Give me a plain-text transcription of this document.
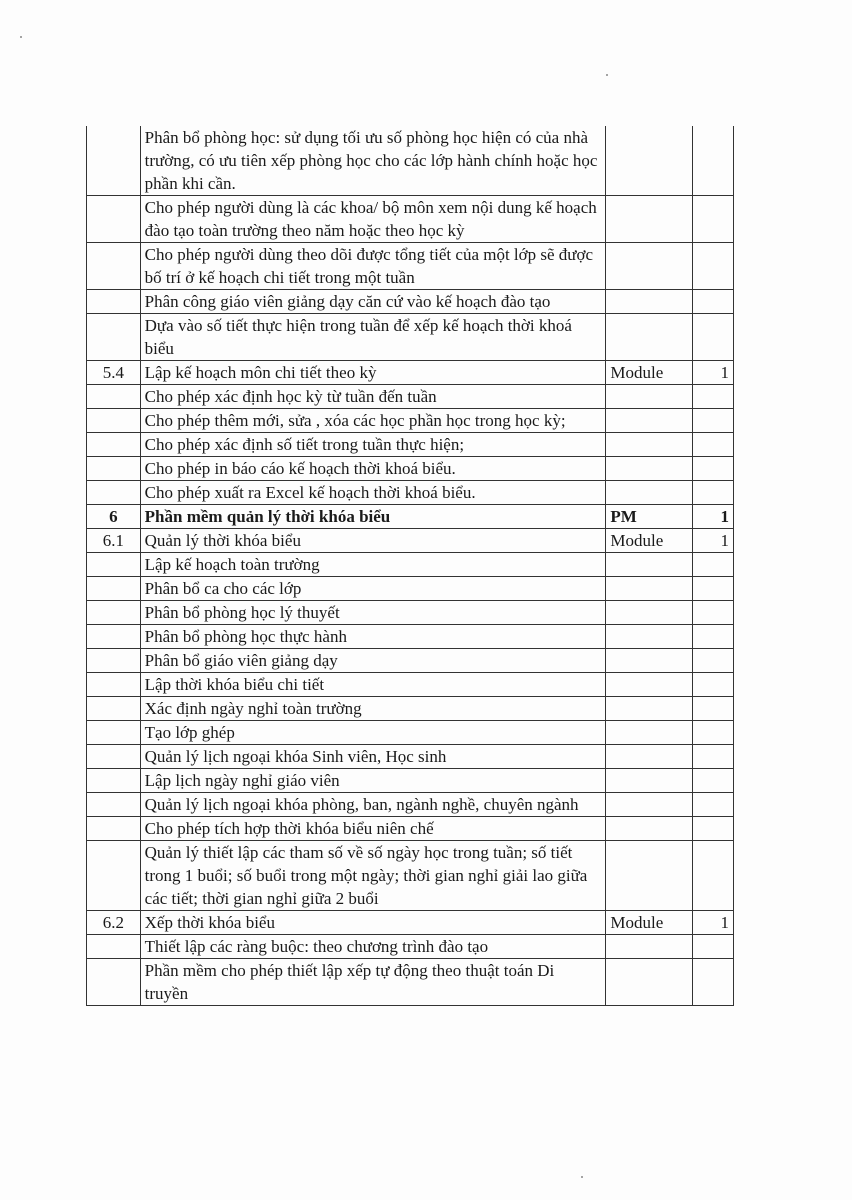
	Phân bổ phòng học: sử dụng tối ưu số phòng học hiện có của nhà trường, có ưu tiên xếp phòng học cho các lớp hành chính hoặc học phần khi cần.		
	Cho phép người dùng là các khoa/ bộ môn xem nội dung kế hoạch đào tạo toàn trường theo năm hoặc theo học kỳ		
	Cho phép người dùng theo dõi được tổng tiết của một lớp sẽ được bố trí ở kế hoạch chi tiết trong một tuần		
	Phân công giáo viên giảng dạy căn cứ vào kế hoạch đào tạo		
	Dựa vào số tiết thực hiện trong tuần để xếp kế hoạch thời khoá biểu		
5.4	Lập kế hoạch môn chi tiết theo kỳ	Module	1
	Cho phép xác định học kỳ từ tuần đến tuần		
	Cho phép thêm mới, sửa , xóa các học phần học trong học kỳ;		
	Cho phép xác định số tiết trong tuần thực hiện;		
	Cho phép in báo cáo kế hoạch thời khoá biểu.		
	Cho phép xuất ra Excel kế hoạch thời khoá biểu.		
6	Phần mềm quản lý thời khóa biểu	PM	1
6.1	Quản lý thời khóa biểu	Module	1
	Lập kế hoạch toàn trường		
	Phân bổ ca cho các lớp		
	Phân bổ phòng học lý thuyết		
	Phân bổ phòng học thực hành		
	Phân bổ giáo viên giảng dạy		
	Lập thời khóa biểu chi tiết		
	Xác định ngày nghỉ toàn trường		
	Tạo lớp ghép		
	Quản lý lịch ngoại khóa Sinh viên, Học sinh		
	Lập lịch ngày nghỉ giáo viên		
	Quản lý lịch ngoại khóa phòng, ban, ngành nghề, chuyên ngành		
	Cho phép tích hợp thời khóa biểu niên chế		
	Quản lý thiết lập các tham số về số ngày học trong tuần; số tiết trong 1 buổi; số buổi trong một ngày; thời gian nghỉ giải lao giữa các tiết; thời gian nghỉ giữa 2 buổi		
6.2	Xếp thời khóa biểu	Module	1
	Thiết lập các ràng buộc: theo chương trình đào tạo		
	Phần mềm cho phép thiết lập xếp tự động theo thuật toán Di truyền		
